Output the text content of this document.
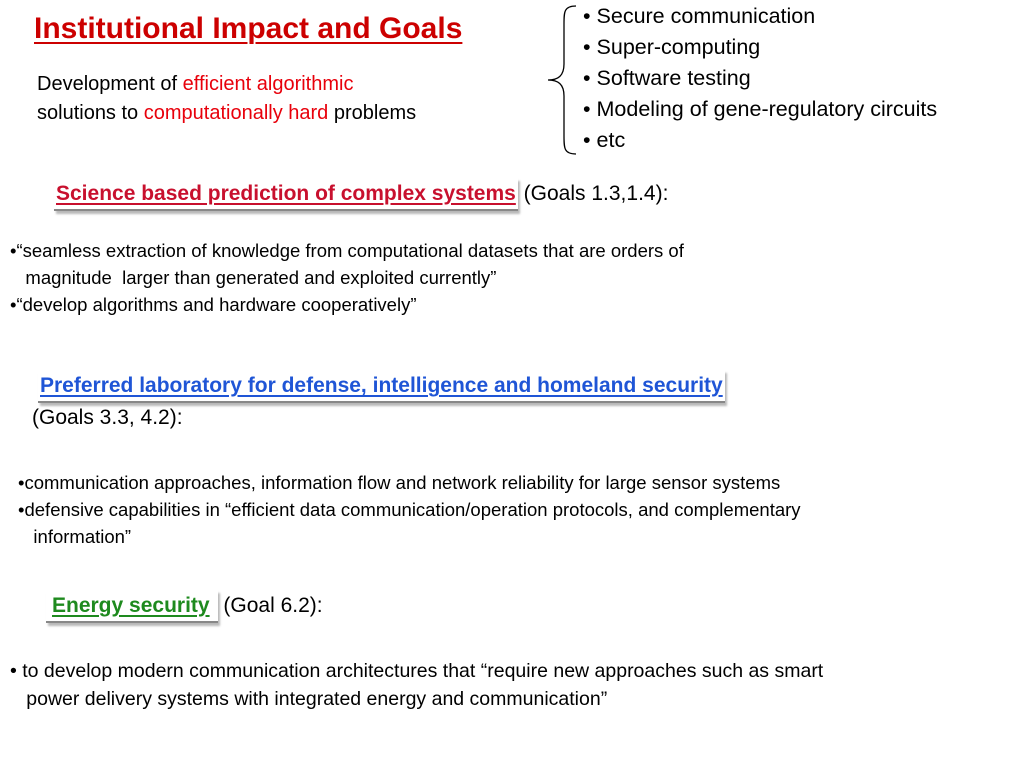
Institutional Impact and Goals
Development of efficient algorithmic
solutions to computationally hard problems
• Secure communication
• Super-computing
• Software testing
• Modeling of gene-regulatory circuits
• etc
Science based prediction of complex systems (Goals 1.3,1.4):
•“seamless extraction of knowledge from computational datasets that are orders of
magnitude  larger than generated and exploited currently”
•“develop algorithms and hardware cooperatively”
Preferred laboratory for defense, intelligence and homeland security
(Goals 3.3, 4.2):
•communication approaches, information flow and network reliability for large sensor systems
•defensive capabilities in “efficient data communication/operation protocols, and complementary
information”
Energy security (Goal 6.2):
• to develop modern communication architectures that “require new approaches such as smart
power delivery systems with integrated energy and communication”
